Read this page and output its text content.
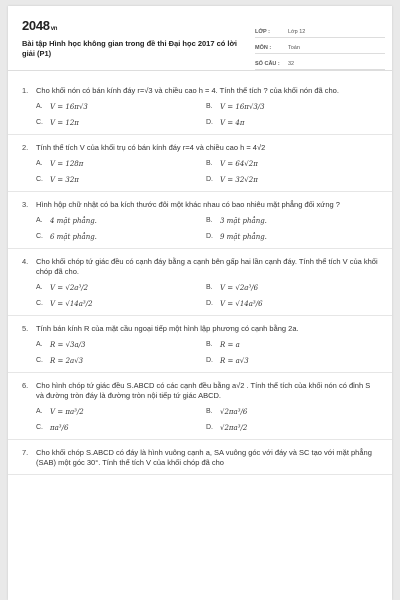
2048vn
Bài tập Hình học không gian trong đề thi Đại học 2017 có lời giải (P1)
LỚP :	Lớp 12
MÔN :	Toán
SỐ CÂU :	32
1.	Cho khối nón có bán kính đáy r=√3 và chiều cao h = 4. Tính thể tích ? của khối nón đã cho.
A.	V = 16π√3	B.	V = 16π√3/3
C.	V = 12π	D.	V = 4π
2.	Tính thể tích V của khối trụ có bán kính đáy r=4 và chiều cao h = 4√2
A.	V = 128π	B.	V = 64√2π
C.	V = 32π	D.	V = 32√2π
3.	Hình hộp chữ nhật có ba kích thước đôi một khác nhau có bao nhiêu mặt phẳng đối xứng ?
A.	4 mặt phẳng.	B.	3 mặt phẳng.
C.	6 mặt phẳng.	D.	9 mặt phẳng.
4.	Cho khối chóp tứ giác đều có cạnh đáy bằng a cạnh bên gấp hai lần cạnh đáy. Tính thể tích V của khối chóp đã cho.
A.	V = √2a³/2	B.	V = √2a³/6
C.	V = √14a³/2	D.	V = √14a³/6
5.	Tính bán kính R của mặt cầu ngoại tiếp một hình lập phương có cạnh bằng 2a.
A.	R = √3a/3	B.	R = a
C.	R = 2a√3	D.	R = a√3
6.	Cho hình chóp tứ giác đều S.ABCD có các cạnh đều bằng a√2 . Tính thể tích của khối nón có đỉnh S và đường tròn đáy là đường tròn nội tiếp tứ giác ABCD.
A.	V = πa³/2	B.	√2πa³/6
C.	πa³/6	D.	√2πa³/2
7.	Cho khối chóp S.ABCD có đáy là hình vuông cạnh a, SA vuông góc với đáy và SC tạo với mặt phẳng (SAB) một góc 30°. Tính thể tích V của khối chóp đã cho
